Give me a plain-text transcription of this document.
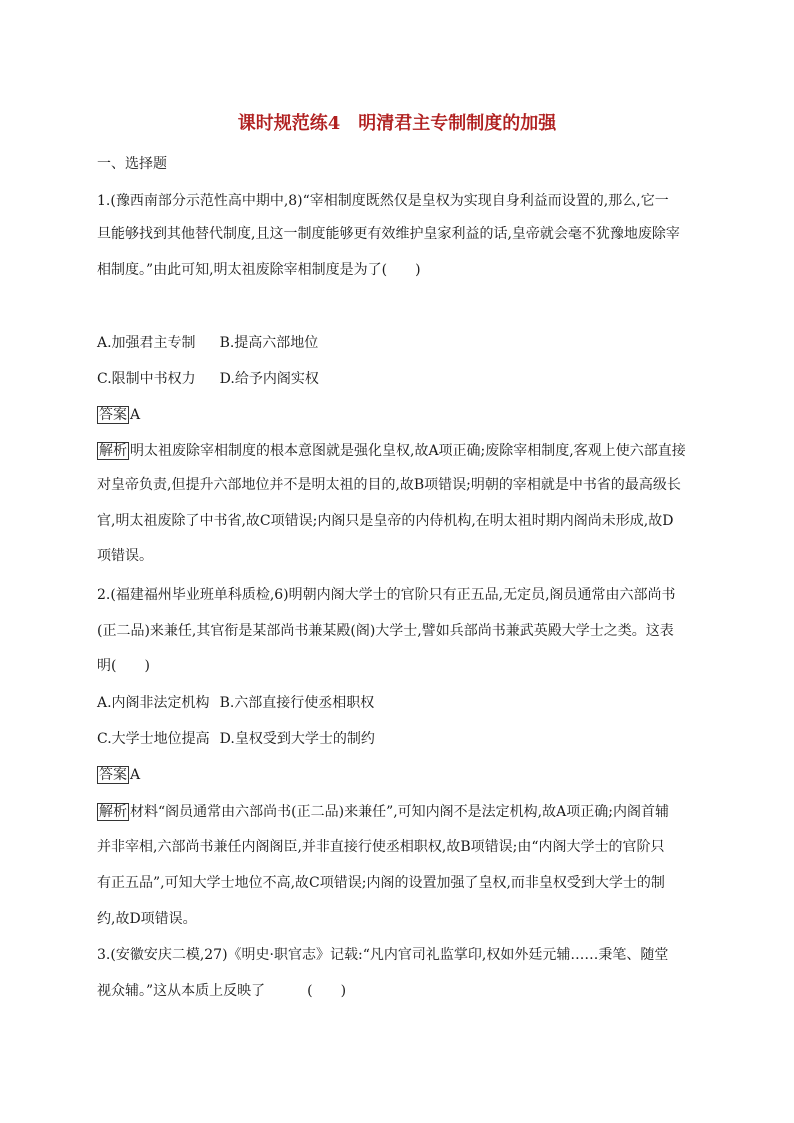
课时规范练4　明清君主专制制度的加强
一、选择题
1.(豫西南部分示范性高中期中,8)“宰相制度既然仅是皇权为实现自身利益而设置的,那么,它一
旦能够找到其他替代制度,且这一制度能够更有效维护皇家利益的话,皇帝就会毫不犹豫地废除宰
相制度。”由此可知,明太祖废除宰相制度是为了(　　)
A.加强君主专制 B.提高六部地位
C.限制中书权力 D.给予内阁实权
答案 A
解析 明太祖废除宰相制度的根本意图就是强化皇权,故A项正确;废除宰相制度,客观上使六部直接
对皇帝负责,但提升六部地位并不是明太祖的目的,故B项错误;明朝的宰相就是中书省的最高级长
官,明太祖废除了中书省,故C项错误;内阁只是皇帝的内侍机构,在明太祖时期内阁尚未形成,故D
项错误。
2.(福建福州毕业班单科质检,6)明朝内阁大学士的官阶只有正五品,无定员,阁员通常由六部尚书
(正二品)来兼任,其官衔是某部尚书兼某殿(阁)大学士,譬如兵部尚书兼武英殿大学士之类。这表
明(　　)
A.内阁非法定机构 B.六部直接行使丞相职权
C.大学士地位提高 D.皇权受到大学士的制约
答案 A
解析 材料“阁员通常由六部尚书(正二品)来兼任”,可知内阁不是法定机构,故A项正确;内阁首辅
并非宰相,六部尚书兼任内阁阁臣,并非直接行使丞相职权,故B项错误;由“内阁大学士的官阶只
有正五品”,可知大学士地位不高,故C项错误;内阁的设置加强了皇权,而非皇权受到大学士的制
约,故D项错误。
3.(安徽安庆二模,27)《明史·职官志》记载:“凡内官司礼监掌印,权如外廷元辅……秉笔、随堂
视众辅。”这从本质上反映了　　　(　　)
